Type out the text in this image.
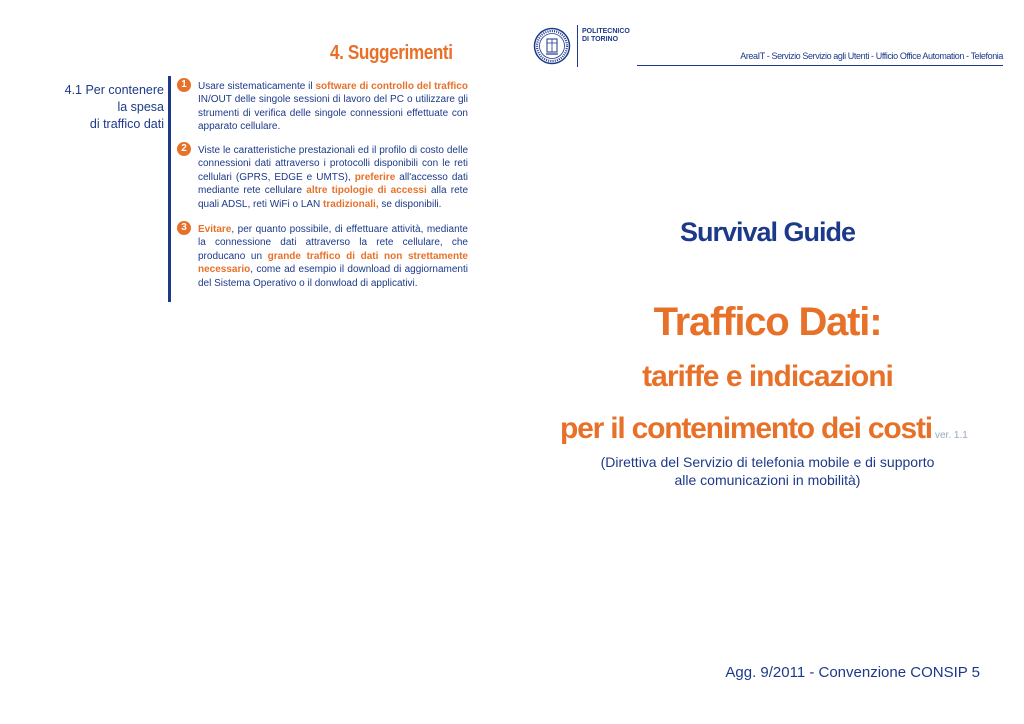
4. Suggerimenti
4.1 Per contenere
la spesa
di traffico dati
1	Usare sistematicamente il software di controllo del traffico IN/OUT delle singole sessioni di lavoro del PC o utilizzare gli strumenti di verifica delle singole connessioni effettuate con apparato cellulare.
2	Viste le caratteristiche prestazionali ed il profilo di costo delle connessioni dati attraverso i protocolli disponibili con le reti cellulari (GPRS, EDGE e UMTS), preferire all'accesso dati mediante rete cellulare altre tipologie di accessi alla rete quali ADSL, reti WiFi o LAN tradizionali, se disponibili.
3	Evitare, per quanto possibile, di effettuare attività, mediante la connessione dati attraverso la rete cellulare, che producano un grande traffico di dati non strettamente necessario, come ad esempio il download di aggiornamenti del Sistema Operativo o il donwload di applicativi.
POLITECNICO
DI TORINO
AreaIT - Servizio Servizio agli Utenti - Ufficio Office Automation - Telefonia
Survival Guide
Traffico Dati:
tariffe e indicazioni
per il contenimento dei costi ver. 1.1
(Direttiva del Servizio di telefonia mobile e di supporto
alle comunicazioni in mobilità)
Agg. 9/2011 - Convenzione CONSIP 5
